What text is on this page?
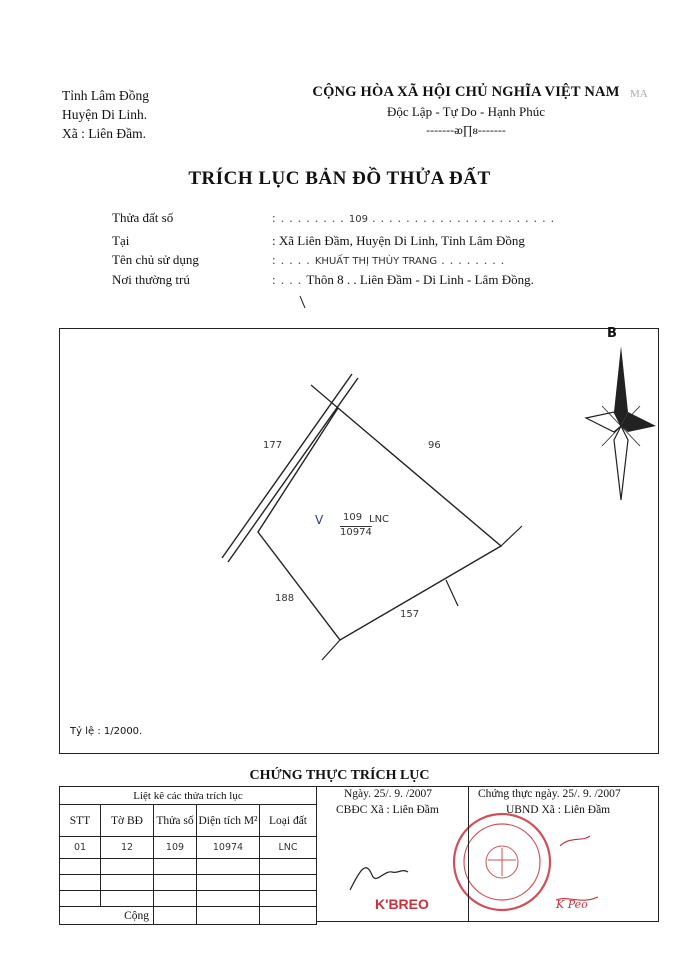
Tỉnh Lâm Đồng
Huyện Di Linh.
Xã : Liên Đầm.
CỘNG HÒA XÃ HỘI CHỦ NGHĨA VIỆT NAM
Độc Lập - Tự Do - Hạnh Phúc
-------ᴔ∏ᴕ-------
MA
TRÍCH LỤC BẢN ĐỒ THỬA ĐẤT
Thửa đất số	: . . . . . . . . 109 . . . . . . . . . . . . . . . . . . . . . .
Tại	: Xã Liên Đầm, Huyện Di Linh, Tỉnh Lâm Đồng
Tên chủ sử dụng	: . . . . KHUẤT THỊ THÙY TRANG . . . . . . . .
Nơi thường trú	: . . . Thôn 8 . . Liên Đầm - Di Linh - Lâm Đồng.
B
177	96
188
157
V 109 LNC
10974
Tỷ lệ : 1/2000.
CHỨNG THỰC TRÍCH LỤC
Liệt kê các thửa trích lục				
STT	Tờ BĐ	Thửa số	Diện tích M²	Loại đất
01	12	109	10974	LNC

Cộng				
Ngày. 25/. 9. /2007
CBĐC Xã : Liên Đầm
Chứng thực ngày. 25/. 9. /2007
UBND Xã : Liên Đầm
K'BREO	K Peo
